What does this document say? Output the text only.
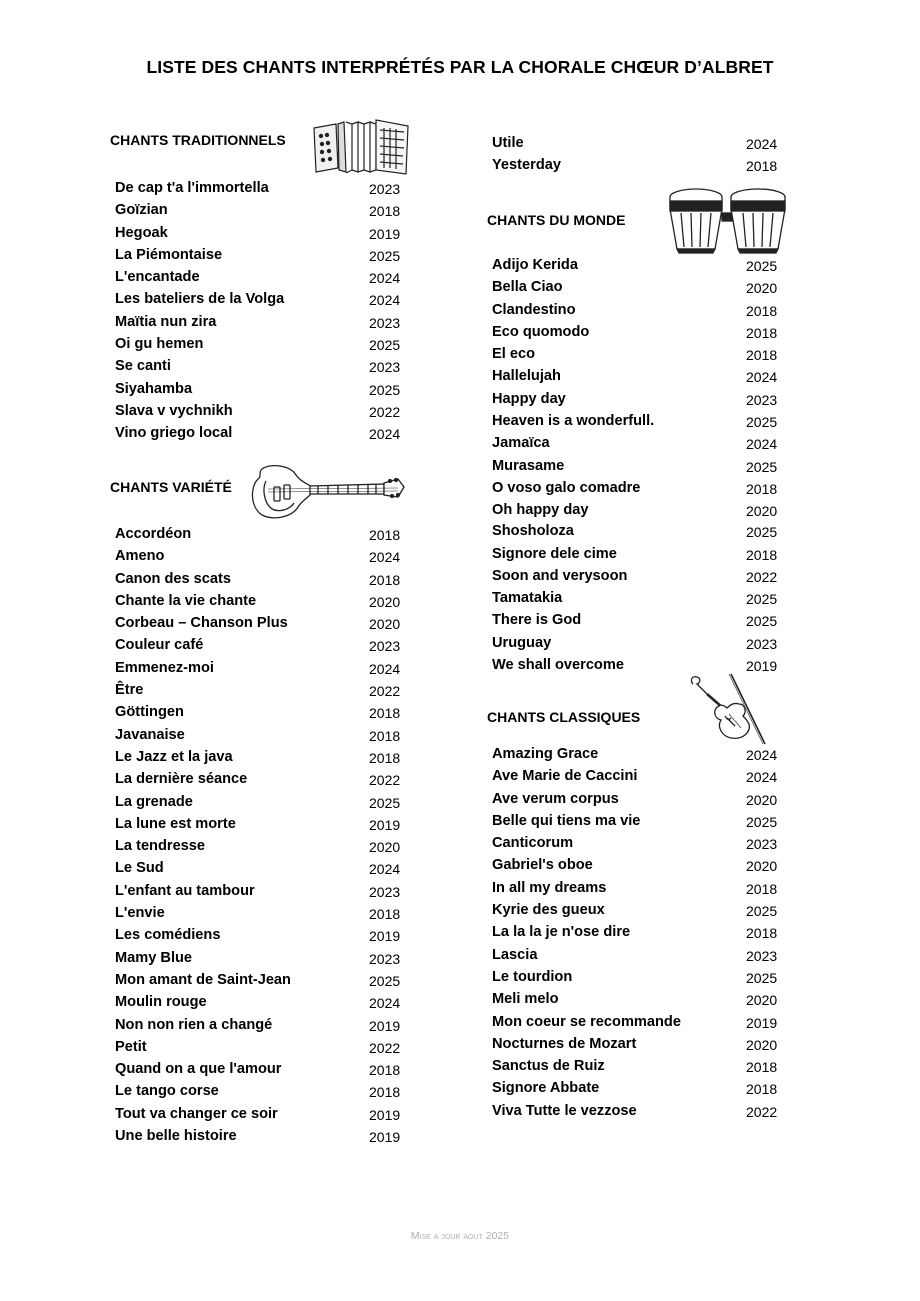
LISTE DES CHANTS INTERPRÉTÉS PAR LA CHORALE CHŒUR D’ALBRET
CHANTS TRADITIONNELS
De cap t'a l'immortella	2023
Goïzian	2018
Hegoak	2019
La Piémontaise	2025
L'encantade	2024
Les bateliers de la Volga	2024
Maïtia nun zira	2023
Oi gu hemen	2025
Se canti	2023
Siyahamba	2025
Slava v vychnikh	2022
Vino griego local	2024
CHANTS VARIÉTÉ
Accordéon	2018
Ameno	2024
Canon des scats	2018
Chante la vie chante	2020
Corbeau – Chanson Plus	2020
Couleur café	2023
Emmenez-moi	2024
Être	2022
Göttingen	2018
Javanaise	2018
Le Jazz et la java	2018
La dernière séance	2022
La grenade	2025
La lune est morte	2019
La tendresse	2020
Le Sud	2024
L'enfant au tambour	2023
L'envie	2018
Les comédiens	2019
Mamy Blue	2023
Mon amant de Saint-Jean	2025
Moulin rouge	2024
Non non rien a changé	2019
Petit	2022
Quand on a que l'amour	2018
Le tango corse	2018
Tout va changer ce soir	2019
Une belle histoire	2019
Utile	2024
Yesterday	2018
CHANTS DU MONDE
Adijo Kerida	2025
Bella Ciao	2020
Clandestino	2018
Eco quomodo	2018
El eco	2018
Hallelujah	2024
Happy day	2023
Heaven is a wonderfull.	2025
Jamaïca	2024
Murasame	2025
O voso galo comadre	2018
Oh happy day	2020
Shosholoza	2025
Signore dele cime	2018
Soon and verysoon	2022
Tamatakia	2025
There is God	2025
Uruguay	2023
We shall overcome	2019
CHANTS CLASSIQUES
Amazing Grace	2024
Ave Marie de Caccini	2024
Ave verum corpus	2020
Belle qui tiens ma vie	2025
Canticorum	2023
Gabriel's oboe	2020
In all my dreams	2018
Kyrie des gueux	2025
La la la je n'ose dire	2018
Lascia	2023
Le tourdion	2025
Meli melo	2020
Mon coeur se recommande	2019
Nocturnes de Mozart	2020
Sanctus de Ruiz	2018
Signore Abbate	2018
Viva Tutte le vezzose	2022
Mise a jour aout 2025
